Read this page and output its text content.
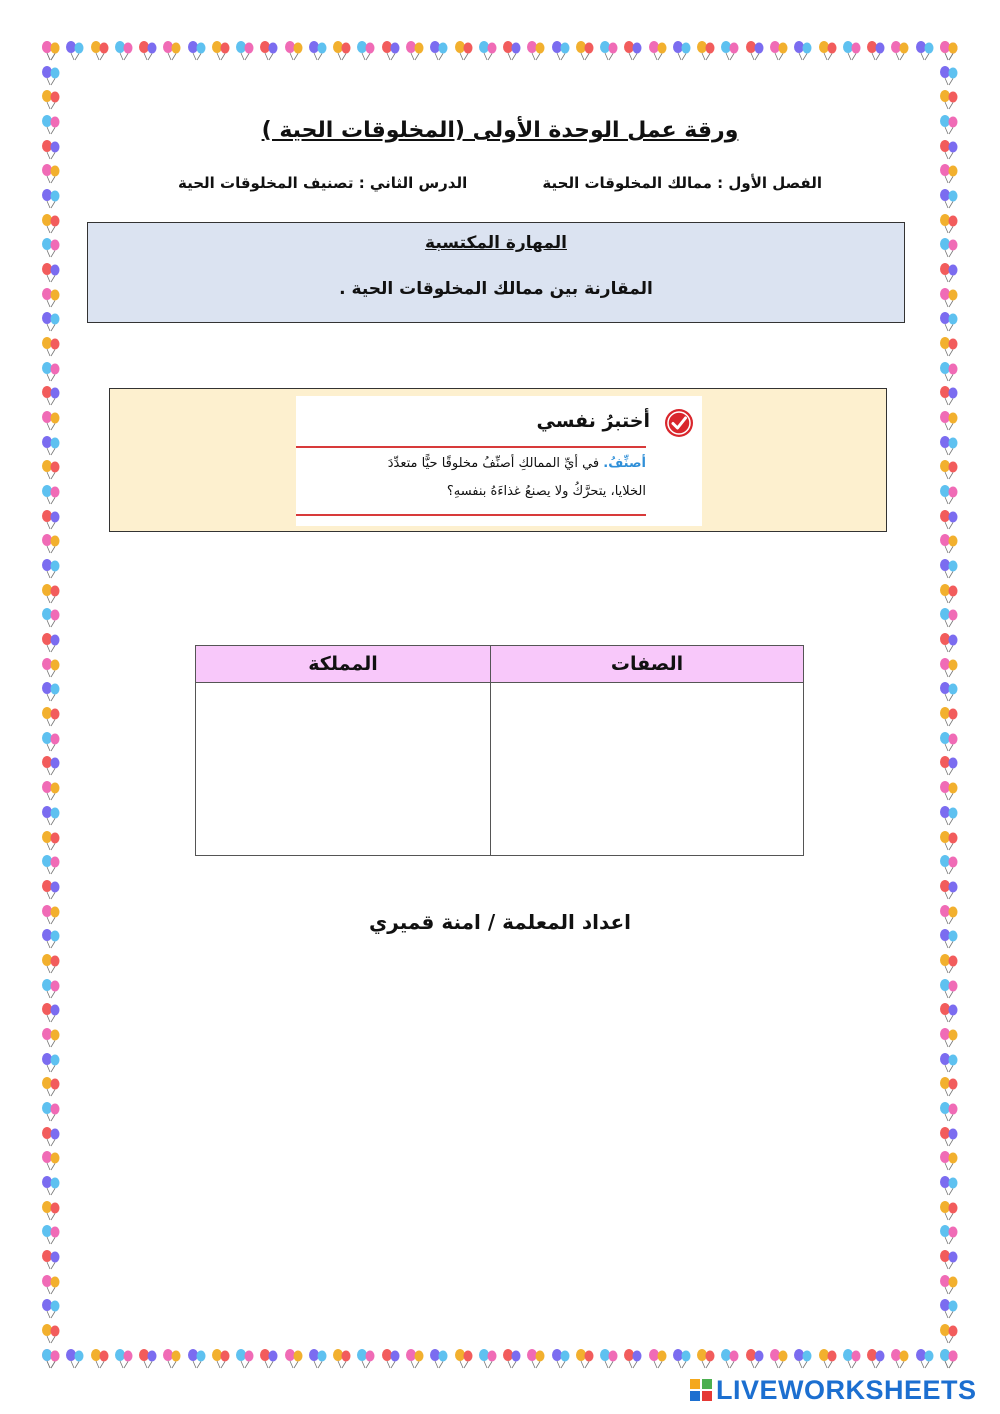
ورقة عمل الوحدة الأولى (المخلوقات الحية )
الفصل الأول : ممالك المخلوقات الحية
الدرس الثاني : تصنيف المخلوقات الحية
المهارة المكتسبة
المقارنة بين ممالك المخلوقات الحية .
أختبرُ نفسي
أصنِّفُ. في أيِّ الممالكِ أصنِّفُ مخلوقًا حيًّا متعدِّدَ
الخلايا، يتحرَّكُ ولا يصنعُ غذاءَهُ بنفسهِ؟
الصفات	المملكة

اعداد المعلمة / امنة قميري
LIVEWORKSHEETS
